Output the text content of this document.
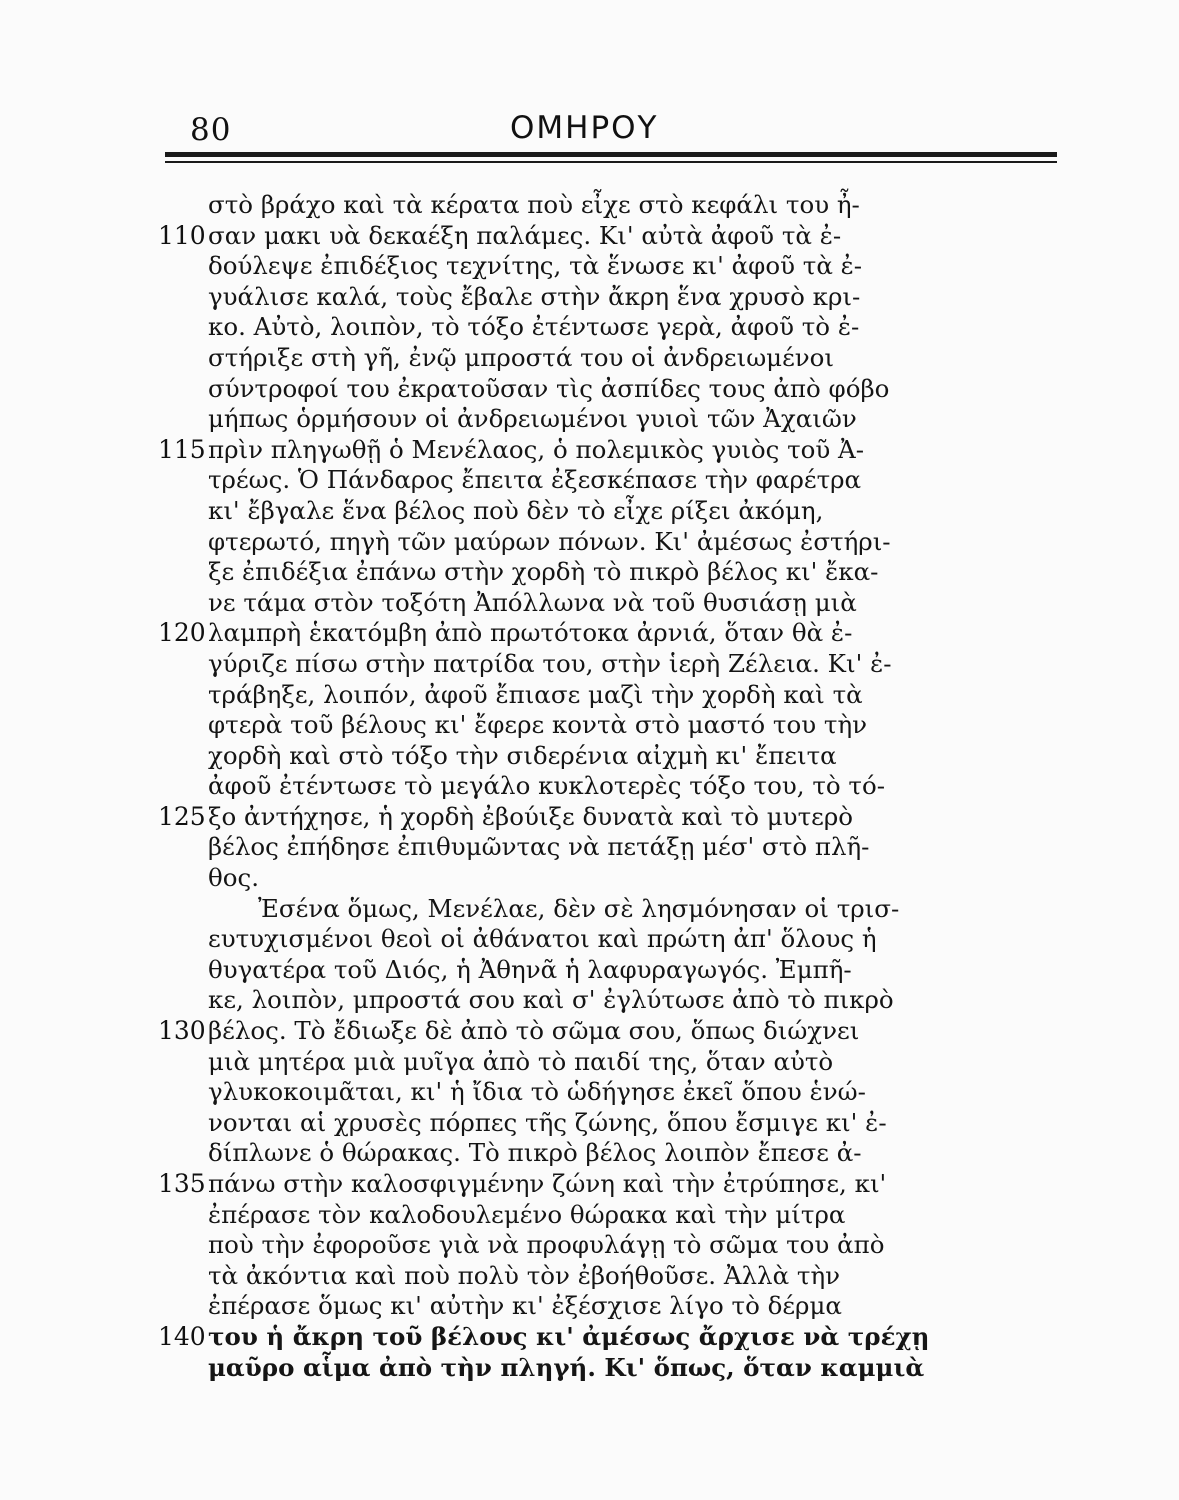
80	ΟΜΗΡΟΥ
στὸ βράχο καὶ τὰ κέρατα ποὺ εἶχε στὸ κεφάλι του ἦ-
110 σαν μακι υὰ δεκαέξη παλάμες. Κι' αὐτὰ ἀφοῦ τὰ ἐ-
δούλεψε ἐπιδέξιος τεχνίτης, τὰ ἕνωσε κι' ἀφοῦ τὰ ἐ-
γυάλισε καλά, τοὺς ἔβαλε στὴν ἄκρη ἕνα χρυσὸ κρι-
κο. Αὐτὸ, λοιπὸν, τὸ τόξο ἐτέντωσε γερὰ, ἀφοῦ τὸ ἐ-
στήριξε στὴ γῆ, ἐνῷ μπροστά του οἱ ἀνδρειωμένοι
σύντροφοί του ἐκρατοῦσαν τὶς ἀσπίδες τους ἀπὸ φόβο
μήπως ὁρμήσουν οἱ ἀνδρειωμένοι γυιοὶ τῶν Ἀχαιῶν
115 πρὶν πληγωθῇ ὁ Μενέλαος, ὁ πολεμικὸς γυιὸς τοῦ Ἀ-
τρέως. Ὁ Πάνδαρος ἔπειτα ἐξεσκέπασε τὴν φαρέτρα
κι' ἔβγαλε ἕνα βέλος ποὺ δὲν τὸ εἶχε ρίξει ἀκόμη,
φτερωτό, πηγὴ τῶν μαύρων πόνων. Κι' ἀμέσως ἐστήρι-
ξε ἐπιδέξια ἐπάνω στὴν χορδὴ τὸ πικρὸ βέλος κι' ἔκα-
νε τάμα στὸν τοξότη Ἀπόλλωνα νὰ τοῦ θυσιάσῃ μιὰ
120 λαμπρὴ ἑκατόμβη ἀπὸ πρωτότοκα ἀρνιά, ὅταν θὰ ἐ-
γύριζε πίσω στὴν πατρίδα του, στὴν ἱερὴ Ζέλεια. Κι' ἐ-
τράβηξε, λοιπόν, ἀφοῦ ἔπιασε μαζὶ τὴν χορδὴ καὶ τὰ
φτερὰ τοῦ βέλους κι' ἔφερε κοντὰ στὸ μαστό του τὴν
χορδὴ καὶ στὸ τόξο τὴν σιδερένια αἰχμὴ κι' ἔπειτα
ἀφοῦ ἐτέντωσε τὸ μεγάλο κυκλοτερὲς τόξο του, τὸ τό-
125 ξο ἀντήχησε, ἡ χορδὴ ἐβούιξε δυνατὰ καὶ τὸ μυτερὸ
βέλος ἐπήδησε ἐπιθυμῶντας νὰ πετάξῃ μέσ' στὸ πλῆ-
θος.
Ἐσένα ὅμως, Μενέλαε, δὲν σὲ λησμόνησαν οἱ τρισ-
ευτυχισμένοι θεοὶ οἱ ἀθάνατοι καὶ πρώτη ἀπ' ὅλους ἡ
θυγατέρα τοῦ Διός, ἡ Ἀθηνᾶ ἡ λαφυραγωγός. Ἐμπῆ-
κε, λοιπὸν, μπροστά σου καὶ σ' ἐγλύτωσε ἀπὸ τὸ πικρὸ
130 βέλος. Τὸ ἔδιωξε δὲ ἀπὸ τὸ σῶμα σου, ὅπως διώχνει
μιὰ μητέρα μιὰ μυῖγα ἀπὸ τὸ παιδί της, ὅταν αὐτὸ
γλυκοκοιμᾶται, κι' ἡ ἴδια τὸ ὡδήγησε ἐκεῖ ὅπου ἑνώ-
νονται αἱ χρυσὲς πόρπες τῆς ζώνης, ὅπου ἔσμιγε κι' ἐ-
δίπλωνε ὁ θώρακας. Τὸ πικρὸ βέλος λοιπὸν ἔπεσε ἀ-
135 πάνω στὴν καλοσφιγμένην ζώνη καὶ τὴν ἐτρύπησε, κι'
ἐπέρασε τὸν καλοδουλεμένο θώρακα καὶ τὴν μίτρα
ποὺ τὴν ἐφοροῦσε γιὰ νὰ προφυλάγῃ τὸ σῶμα του ἀπὸ
τὰ ἀκόντια καὶ ποὺ πολὺ τὸν ἐβοήθοῦσε. Ἀλλὰ τὴν
ἐπέρασε ὅμως κι' αὐτὴν κι' ἐξέσχισε λίγο τὸ δέρμα
140 του ἡ ἄκρη τοῦ βέλους κι' ἀμέσως ἄρχισε νὰ τρέχῃ
μαῦρο αἷμα ἀπὸ τὴν πληγή. Κι' ὅπως, ὅταν καμμιὰ
